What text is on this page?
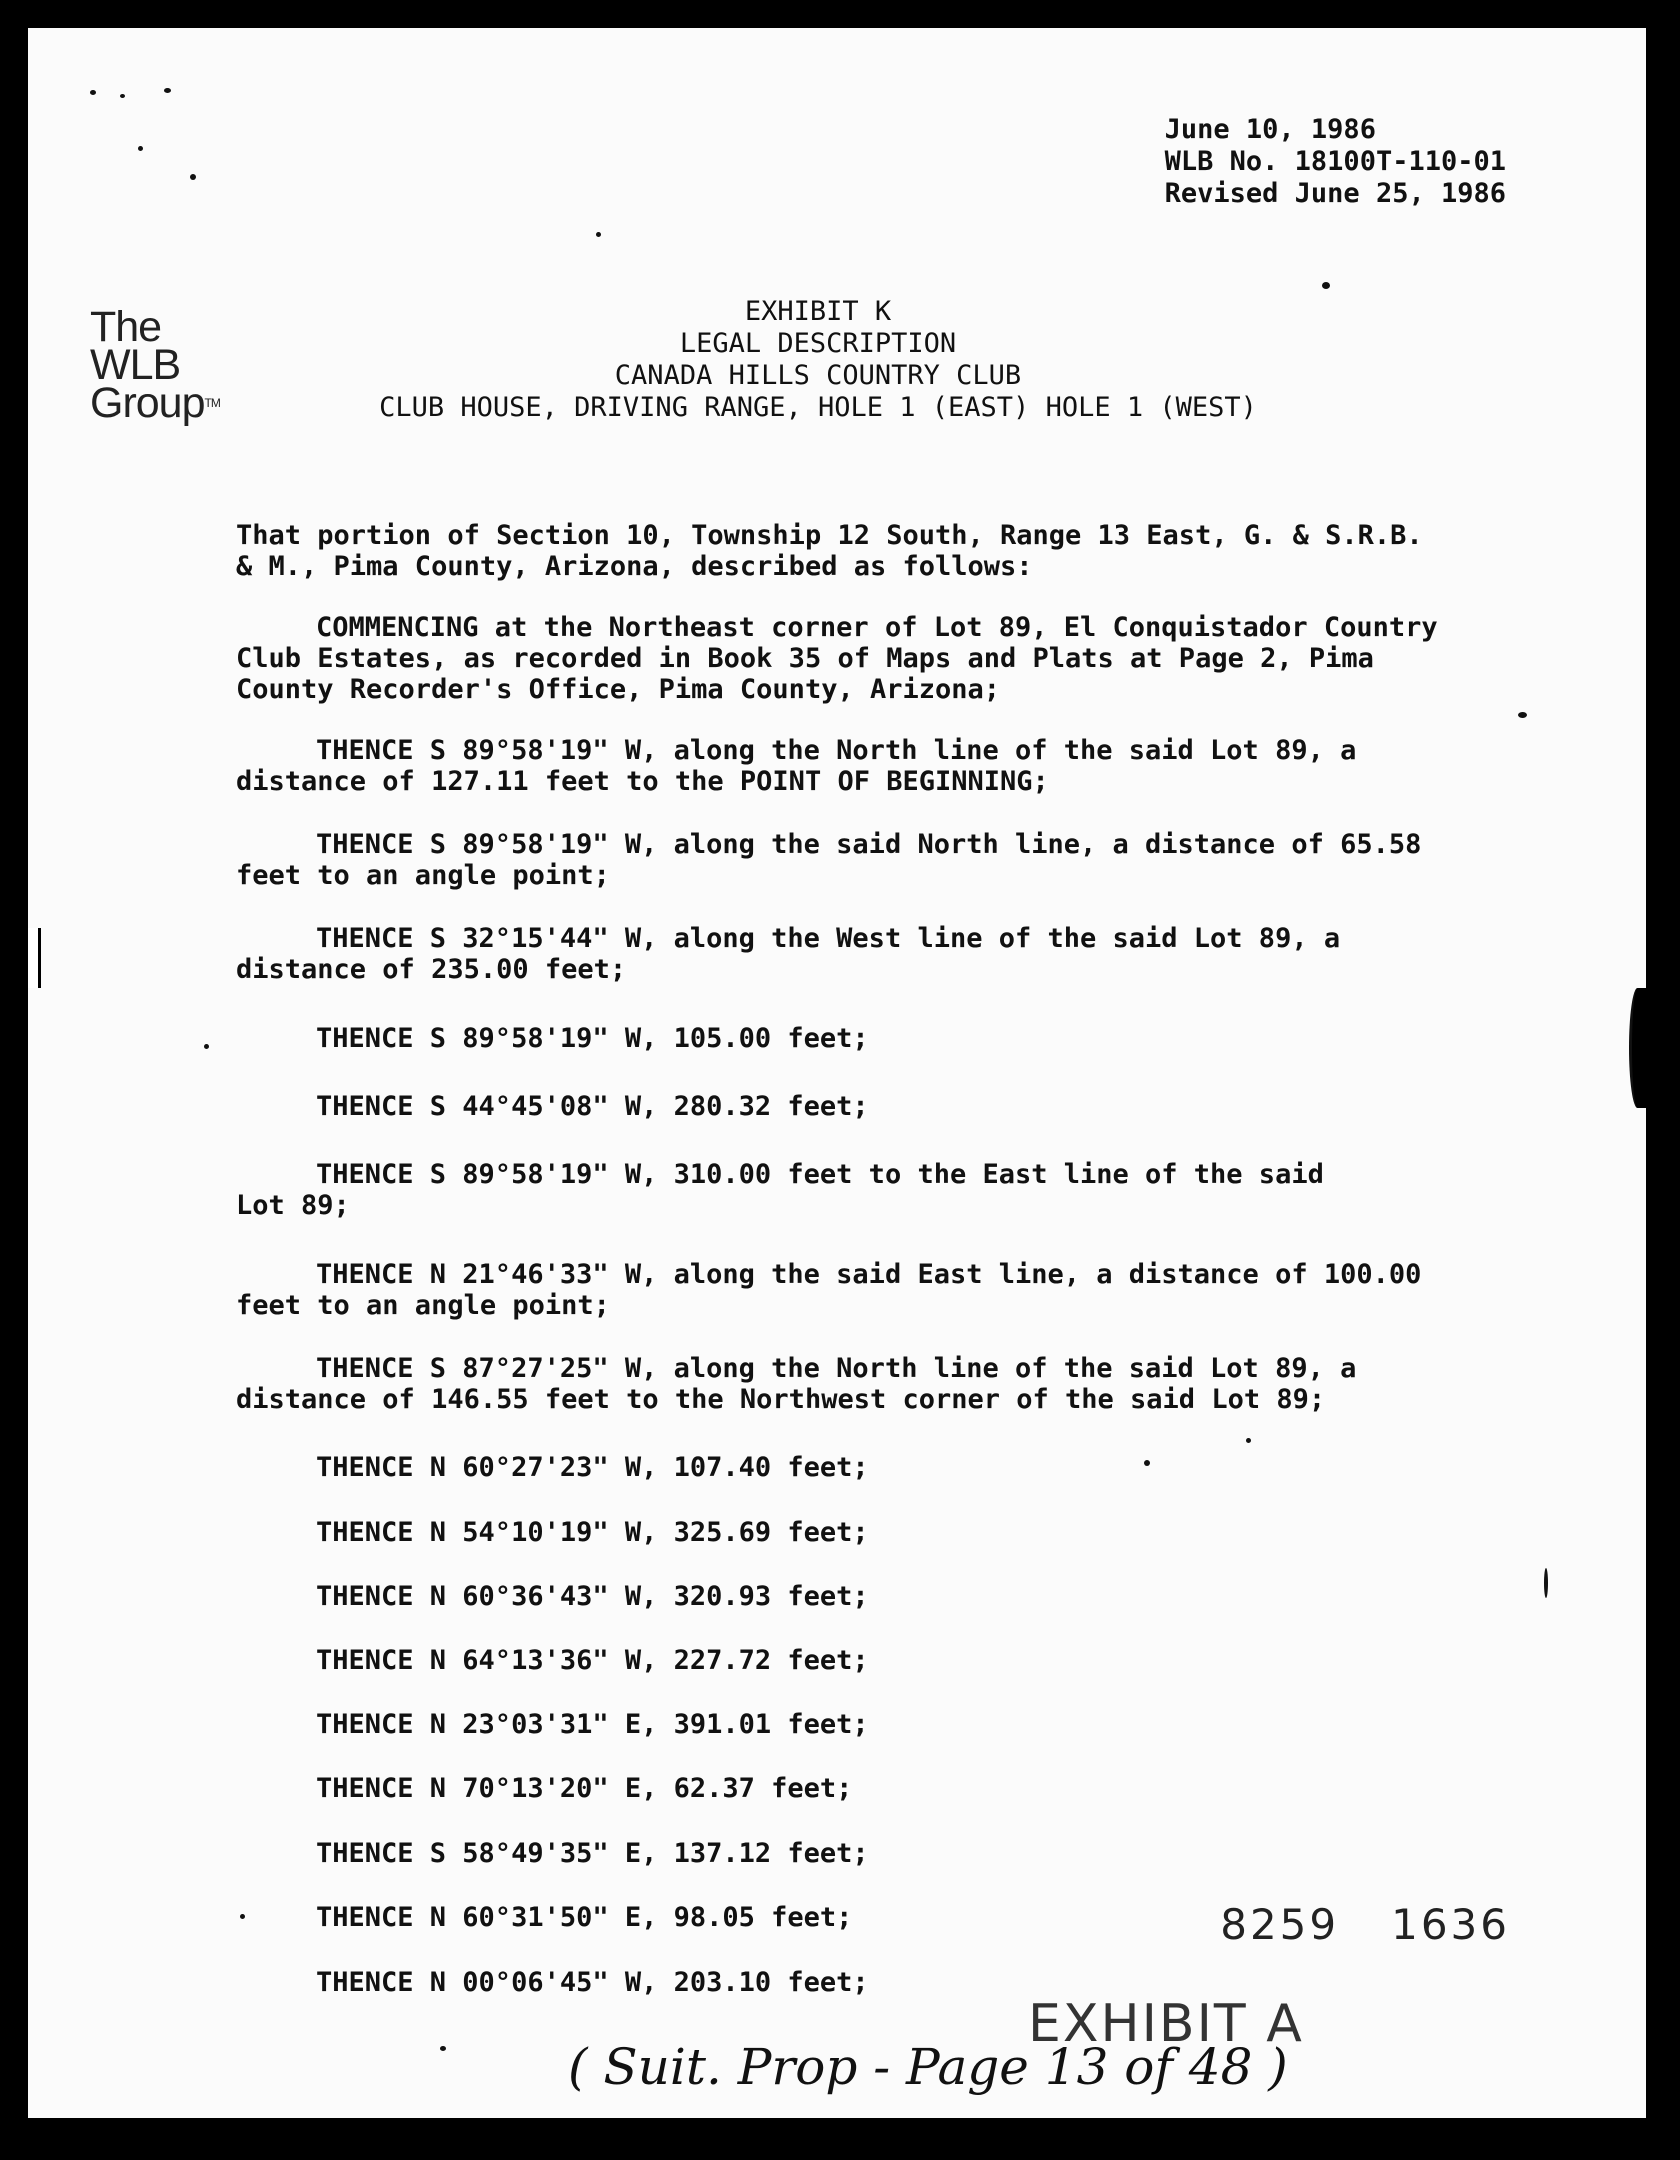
June 10, 1986
WLB No. 18100T-110-01
Revised June 25, 1986
The
WLB
GroupTM
EXHIBIT K
LEGAL DESCRIPTION
CANADA HILLS COUNTRY CLUB
CLUB HOUSE, DRIVING RANGE, HOLE 1 (EAST) HOLE 1 (WEST)

That portion of Section 10, Township 12 South, Range 13 East, G. & S.R.B.
& M., Pima County, Arizona, described as follows:

COMMENCING at the Northeast corner of Lot 89, El Conquistador Country
Club Estates, as recorded in Book 35 of Maps and Plats at Page 2, Pima
County Recorder's Office, Pima County, Arizona;

THENCE S 89°58'19" W, along the North line of the said Lot 89, a
distance of 127.11 feet to the POINT OF BEGINNING;

THENCE S 89°58'19" W, along the said North line, a distance of 65.58
feet to an angle point;

THENCE S 32°15'44" W, along the West line of the said Lot 89, a
distance of 235.00 feet;

THENCE S 89°58'19" W, 105.00 feet;

THENCE S 44°45'08" W, 280.32 feet;

THENCE S 89°58'19" W, 310.00 feet to the East line of the said
Lot 89;

THENCE N 21°46'33" W, along the said East line, a distance of 100.00
feet to an angle point;

THENCE S 87°27'25" W, along the North line of the said Lot 89, a
distance of 146.55 feet to the Northwest corner of the said Lot 89;

THENCE N 60°27'23" W, 107.40 feet;
THENCE N 54°10'19" W, 325.69 feet;
THENCE N 60°36'43" W, 320.93 feet;
THENCE N 64°13'36" W, 227.72 feet;
THENCE N 23°03'31" E, 391.01 feet;
THENCE N 70°13'20" E, 62.37 feet;
THENCE S 58°49'35" E, 137.12 feet;
THENCE N 60°31'50" E, 98.05 feet;
THENCE N 00°06'45" W, 203.10 feet;
8259 1636
EXHIBIT A
( Suit. Prop - Page 13 of 48 )
